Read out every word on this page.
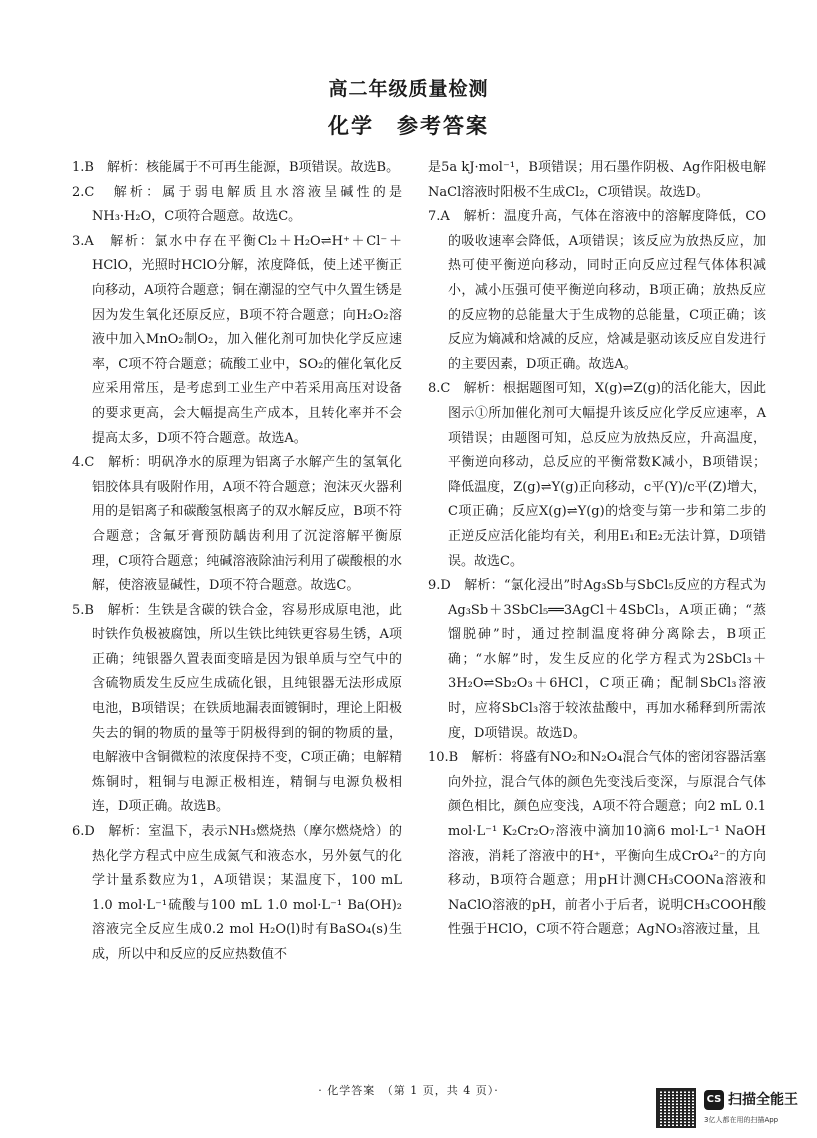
高二年级质量检测
化学　参考答案

1.B　解析：核能属于不可再生能源，B项错误。故选B。

2.C　解析：属于弱电解质且水溶液呈碱性的是NH₃·H₂O，C项符合题意。故选C。

3.A　解析：氯水中存在平衡Cl₂＋H₂O⇌H⁺＋Cl⁻＋HClO，光照时HClO分解，浓度降低，使上述平衡正向移动，A项符合题意；铜在潮湿的空气中久置生锈是因为发生氧化还原反应，B项不符合题意；向H₂O₂溶液中加入MnO₂制O₂，加入催化剂可加快化学反应速率，C项不符合题意；硫酸工业中，SO₂的催化氧化反应采用常压，是考虑到工业生产中若采用高压对设备的要求更高，会大幅提高生产成本，且转化率并不会提高太多，D项不符合题意。故选A。

4.C　解析：明矾净水的原理为铝离子水解产生的氢氧化铝胶体具有吸附作用，A项不符合题意；泡沫灭火器利用的是铝离子和碳酸氢根离子的双水解反应，B项不符合题意；含氟牙膏预防龋齿利用了沉淀溶解平衡原理，C项符合题意；纯碱溶液除油污利用了碳酸根的水解，使溶液显碱性，D项不符合题意。故选C。

5.B　解析：生铁是含碳的铁合金，容易形成原电池，此时铁作负极被腐蚀，所以生铁比纯铁更容易生锈，A项正确；纯银器久置表面变暗是因为银单质与空气中的含硫物质发生反应生成硫化银，且纯银器无法形成原电池，B项错误；在铁质地漏表面镀铜时，理论上阳极失去的铜的物质的量等于阴极得到的铜的物质的量，电解液中含铜微粒的浓度保持不变，C项正确；电解精炼铜时，粗铜与电源正极相连，精铜与电源负极相连，D项正确。故选B。

6.D　解析：室温下，表示NH₃燃烧热（摩尔燃烧焓）的热化学方程式中应生成氮气和液态水，另外氨气的化学计量系数应为1，A项错误；某温度下，100 mL 1.0 mol·L⁻¹硫酸与100 mL 1.0 mol·L⁻¹ Ba(OH)₂溶液完全反应生成0.2 mol H₂O(l)时有BaSO₄(s)生成，所以中和反应的反应热数值不

是5a kJ·mol⁻¹，B项错误；用石墨作阴极、Ag作阳极电解NaCl溶液时阳极不生成Cl₂，C项错误。故选D。

7.A　解析：温度升高，气体在溶液中的溶解度降低，CO的吸收速率会降低，A项错误；该反应为放热反应，加热可使平衡逆向移动，同时正向反应过程气体体积减小，减小压强可使平衡逆向移动，B项正确；放热反应的反应物的总能量大于生成物的总能量，C项正确；该反应为熵减和焓减的反应，焓减是驱动该反应自发进行的主要因素，D项正确。故选A。

8.C　解析：根据题图可知，X(g)⇌Z(g)的活化能大，因此图示①所加催化剂可大幅提升该反应化学反应速率，A项错误；由题图可知，总反应为放热反应，升高温度，平衡逆向移动，总反应的平衡常数K减小，B项错误；降低温度，Z(g)⇌Y(g)正向移动，c平(Y)/c平(Z)增大，C项正确；反应X(g)⇌Y(g)的焓变与第一步和第二步的正逆反应活化能均有关，利用E₁和E₂无法计算，D项错误。故选C。

9.D　解析：“氯化浸出”时Ag₃Sb与SbCl₅反应的方程式为Ag₃Sb＋3SbCl₅══3AgCl＋4SbCl₃，A项正确；“蒸馏脱砷”时，通过控制温度将砷分离除去，B项正确；“水解”时，发生反应的化学方程式为2SbCl₃＋3H₂O⇌Sb₂O₃＋6HCl，C项正确；配制SbCl₃溶液时，应将SbCl₃溶于较浓盐酸中，再加水稀释到所需浓度，D项错误。故选D。

10.B　解析：将盛有NO₂和N₂O₄混合气体的密闭容器活塞向外拉，混合气体的颜色先变浅后变深，与原混合气体颜色相比，颜色应变浅，A项不符合题意；向2 mL 0.1 mol·L⁻¹ K₂Cr₂O₇溶液中滴加10滴6 mol·L⁻¹ NaOH溶液，消耗了溶液中的H⁺，平衡向生成CrO₄²⁻的方向移动，B项符合题意；用pH计测CH₃COONa溶液和NaClO溶液的pH，前者小于后者，说明CH₃COOH酸性强于HClO，C项不符合题意；AgNO₃溶液过量，且

· 化学答案　（第 1 页，共 4 页）·
CS 扫描全能王
3亿人都在用的扫描App
